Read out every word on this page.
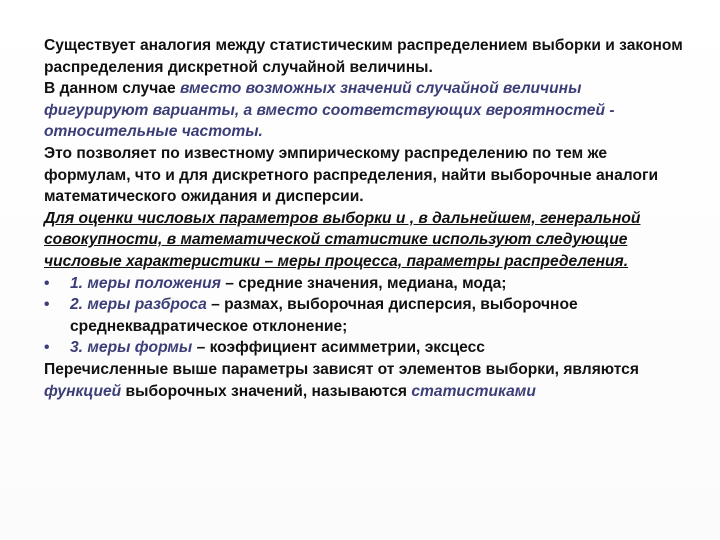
Существует аналогия между статистическим распределением выборки и законом распределения дискретной случайной величины.

В данном случае вместо возможных значений случайной величины фигурируют варианты, а вместо соответствующих вероятностей - относительные частоты.

Это позволяет по известному эмпирическому распределению по тем же формулам, что и для дискретного распределения, найти выборочные аналоги математического ожидания и дисперсии.

Для оценки числовых параметров выборки и , в дальнейшем, генеральной совокупности, в математической статистике используют следующие числовые характеристики – меры процесса, параметры распределения.

•	1. меры положения – средние значения, медиана, мода;
•	2. меры разброса – размах, выборочная дисперсия, выборочное среднеквадратическое отклонение;
•	3. меры формы – коэффициент асимметрии, эксцесс

Перечисленные выше параметры зависят от элементов выборки, являются функцией выборочных значений, называются статистиками
